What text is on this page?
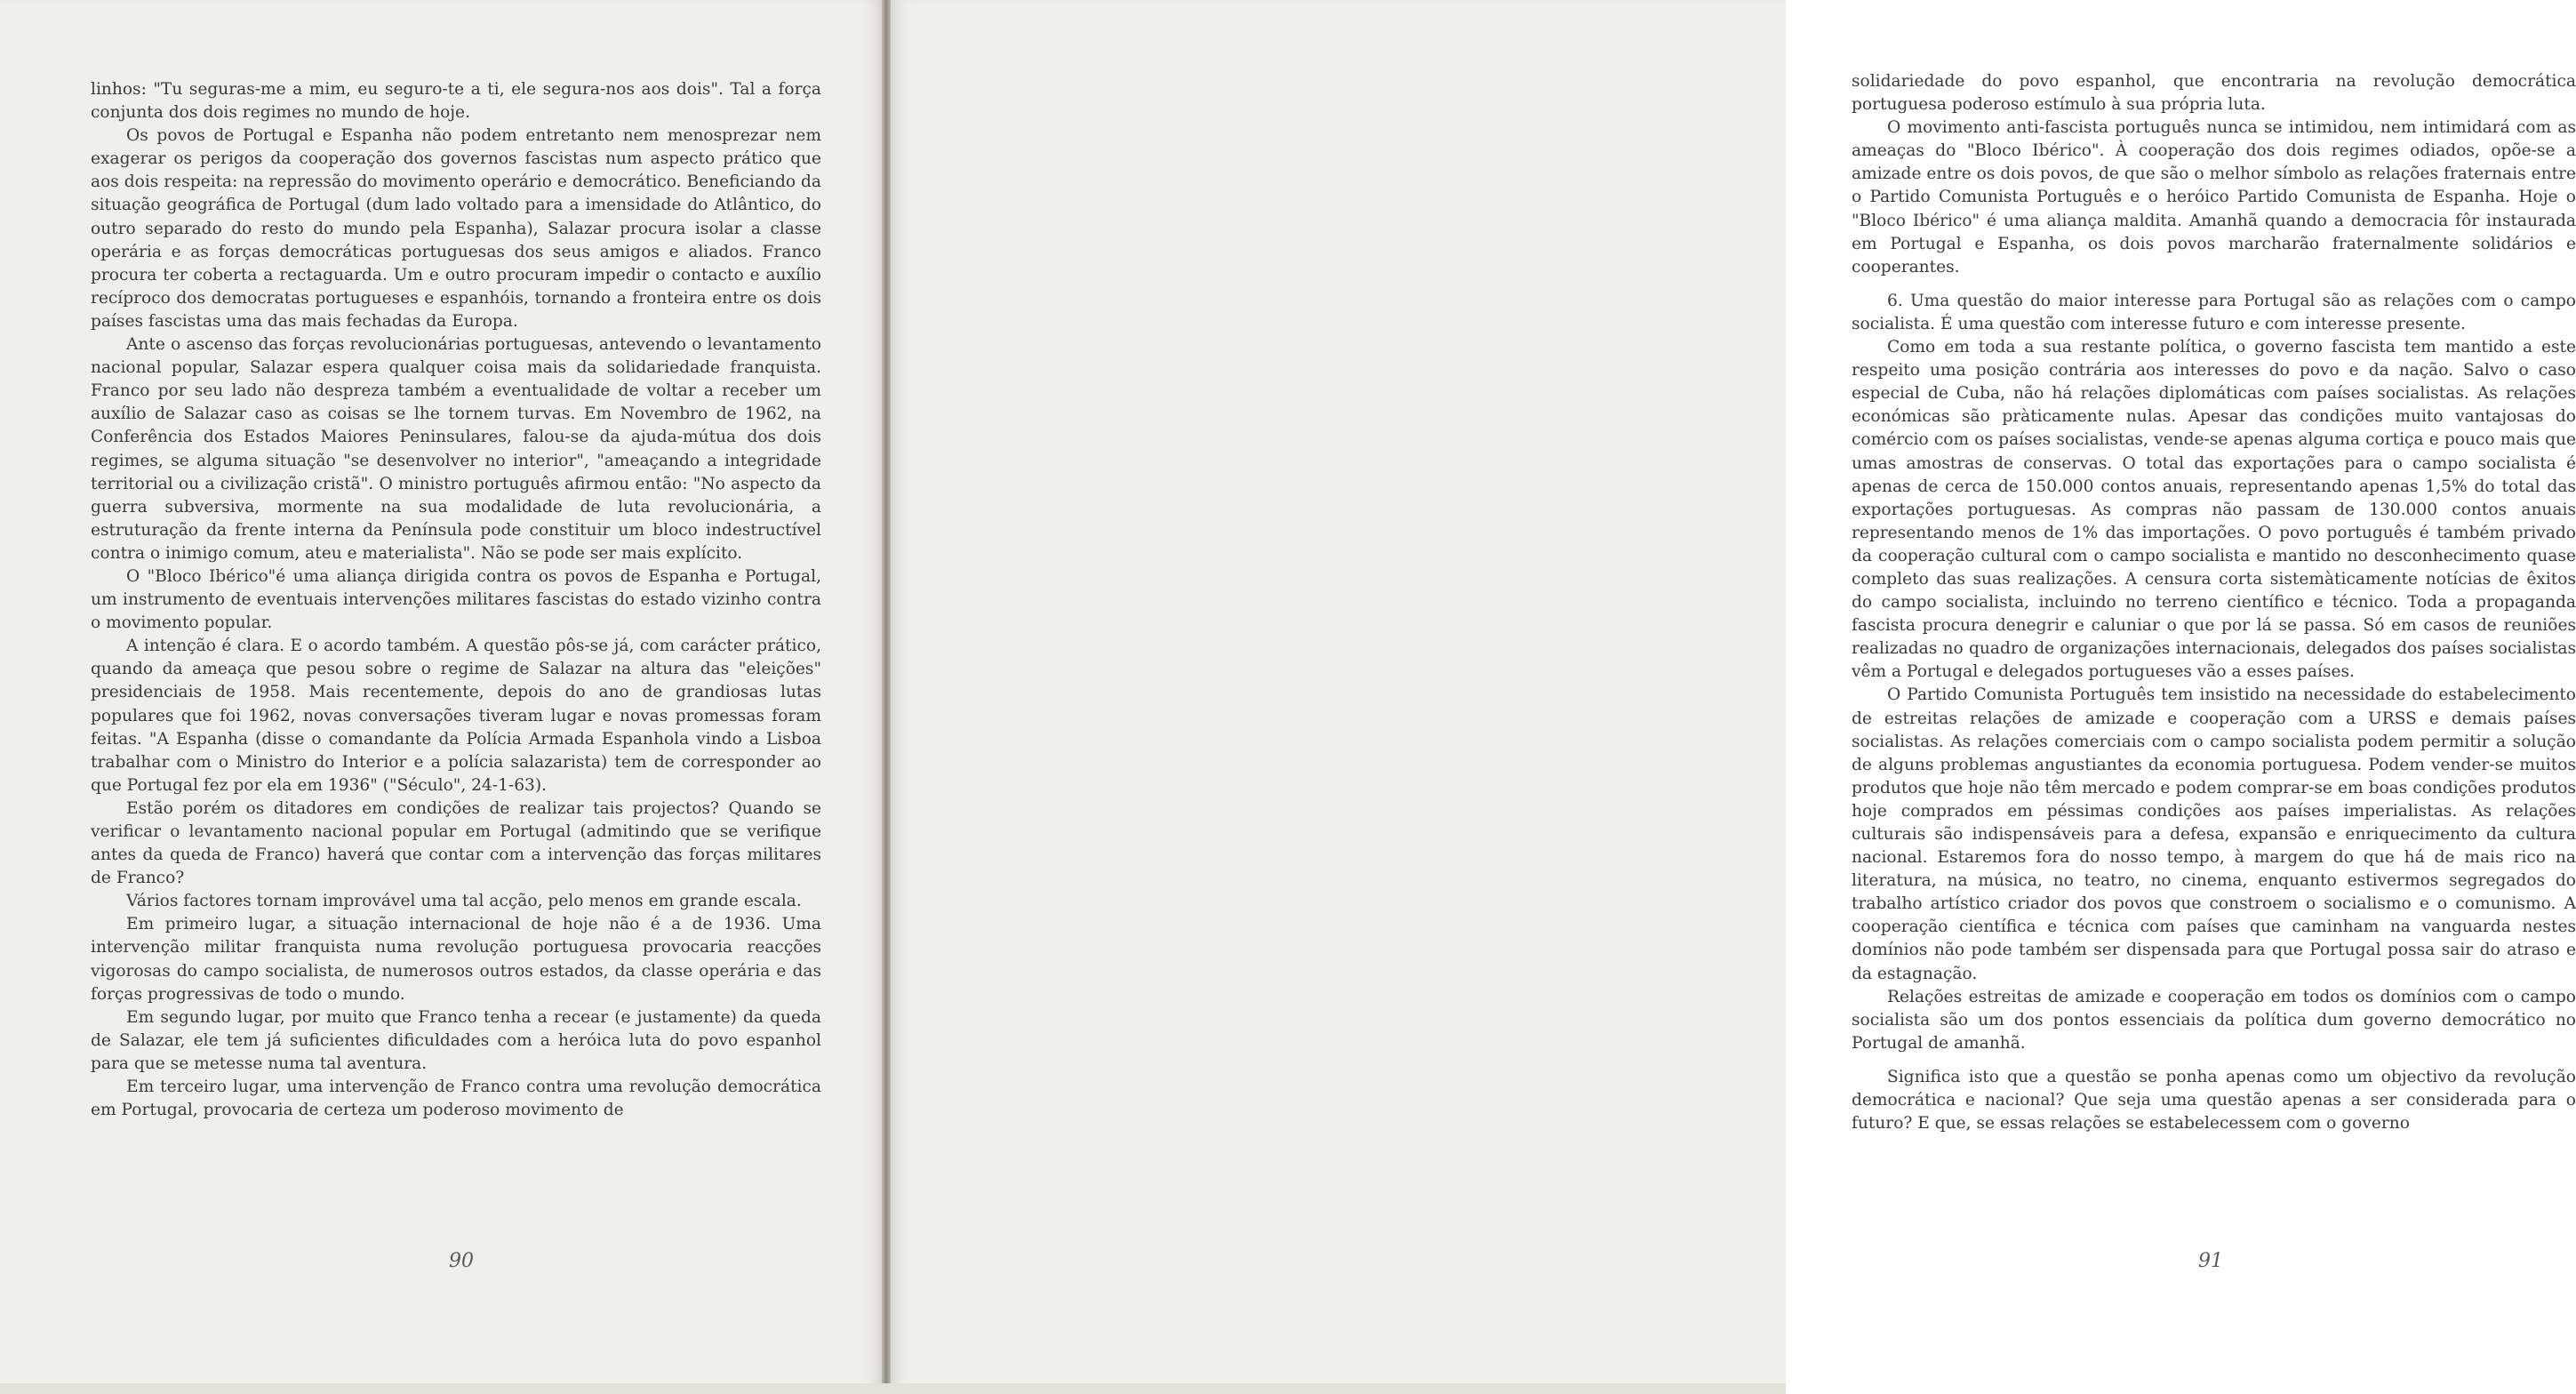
linhos: "Tu seguras-me a mim, eu seguro-te a ti, ele segura-nos aos dois". Tal a força conjunta dos dois regimes no mundo de hoje.

Os povos de Portugal e Espanha não podem entretanto nem menosprezar nem exagerar os perigos da cooperação dos governos fascistas num aspecto prático que aos dois respeita: na repressão do movimento operário e democrático. Beneficiando da situação geográfica de Portugal (dum lado voltado para a imensidade do Atlântico, do outro separado do resto do mundo pela Espanha), Salazar procura isolar a classe operária e as forças democráticas portuguesas dos seus amigos e aliados. Franco procura ter coberta a rectaguarda. Um e outro procuram impedir o contacto e auxílio recíproco dos democratas portugueses e espanhóis, tornando a fronteira entre os dois países fascistas uma das mais fechadas da Europa.

Ante o ascenso das forças revolucionárias portuguesas, antevendo o levantamento nacional popular, Salazar espera qualquer coisa mais da solidariedade franquista. Franco por seu lado não despreza também a eventualidade de voltar a receber um auxílio de Salazar caso as coisas se lhe tornem turvas. Em Novembro de 1962, na Conferência dos Estados Maiores Peninsulares, falou-se da ajuda-mútua dos dois regimes, se alguma situação "se desenvolver no interior", "ameaçando a integridade territorial ou a civilização cristã". O ministro português afirmou então: "No aspecto da guerra subversiva, mormente na sua modalidade de luta revolucionária, a estruturação da frente interna da Península pode constituir um bloco indestructível contra o inimigo comum, ateu e materialista". Não se pode ser mais explícito.

O "Bloco Ibérico"é uma aliança dirigida contra os povos de Espanha e Portugal, um instrumento de eventuais intervenções militares fascistas do estado vizinho contra o movimento popular.

A intenção é clara. E o acordo também. A questão pôs-se já, com carácter prático, quando da ameaça que pesou sobre o regime de Salazar na altura das "eleições" presidenciais de 1958. Mais recentemente, depois do ano de grandiosas lutas populares que foi 1962, novas conversações tiveram lugar e novas promessas foram feitas. "A Espanha (disse o comandante da Polícia Armada Espanhola vindo a Lisboa trabalhar com o Ministro do Interior e a polícia salazarista) tem de corresponder ao que Portugal fez por ela em 1936" ("Século", 24-1-63).

Estão porém os ditadores em condições de realizar tais projectos? Quando se verificar o levantamento nacional popular em Portugal (admitindo que se verifique antes da queda de Franco) haverá que contar com a intervenção das forças militares de Franco?

Vários factores tornam improvável uma tal acção, pelo menos em grande escala.

Em primeiro lugar, a situação internacional de hoje não é a de 1936. Uma intervenção militar franquista numa revolução portuguesa provocaria reacções vigorosas do campo socialista, de numerosos outros estados, da classe operária e das forças progressivas de todo o mundo.

Em segundo lugar, por muito que Franco tenha a recear (e justamente) da queda de Salazar, ele tem já suficientes dificuldades com a heróica luta do povo espanhol para que se metesse numa tal aventura.

Em terceiro lugar, uma intervenção de Franco contra uma revolução democrática em Portugal, provocaria de certeza um poderoso movimento de

90

solidariedade do povo espanhol, que encontraria na revolução democrática portuguesa poderoso estímulo à sua própria luta.

O movimento anti-fascista português nunca se intimidou, nem intimidará com as ameaças do "Bloco Ibérico". À cooperação dos dois regimes odiados, opõe-se a amizade entre os dois povos, de que são o melhor símbolo as relações fraternais entre o Partido Comunista Português e o heróico Partido Comunista de Espanha. Hoje o "Bloco Ibérico" é uma aliança maldita. Amanhã quando a democracia fôr instaurada em Portugal e Espanha, os dois povos marcharão fraternalmente solidários e cooperantes.

6. Uma questão do maior interesse para Portugal são as relações com o campo socialista. É uma questão com interesse futuro e com interesse presente.

Como em toda a sua restante política, o governo fascista tem mantido a este respeito uma posição contrária aos interesses do povo e da nação. Salvo o caso especial de Cuba, não há relações diplomáticas com países socialistas. As relações económicas são pràticamente nulas. Apesar das condições muito vantajosas do comércio com os países socialistas, vende-se apenas alguma cortiça e pouco mais que umas amostras de conservas. O total das exportações para o campo socialista é apenas de cerca de 150.000 contos anuais, representando apenas 1,5% do total das exportações portuguesas. As compras não passam de 130.000 contos anuais representando menos de 1% das importações. O povo português é também privado da cooperação cultural com o campo socialista e mantido no desconhecimento quase completo das suas realizações. A censura corta sistemàticamente notícias de êxitos do campo socialista, incluindo no terreno científico e técnico. Toda a propaganda fascista procura denegrir e caluniar o que por lá se passa. Só em casos de reuniões realizadas no quadro de organizações internacionais, delegados dos países socialistas vêm a Portugal e delegados portugueses vão a esses países.

O Partido Comunista Português tem insistido na necessidade do estabelecimento de estreitas relações de amizade e cooperação com a URSS e demais países socialistas. As relações comerciais com o campo socialista podem permitir a solução de alguns problemas angustiantes da economia portuguesa. Podem vender-se muitos produtos que hoje não têm mercado e podem comprar-se em boas condições produtos hoje comprados em péssimas condições aos países imperialistas. As relações culturais são indispensáveis para a defesa, expansão e enriquecimento da cultura nacional. Estaremos fora do nosso tempo, à margem do que há de mais rico na literatura, na música, no teatro, no cinema, enquanto estivermos segregados do trabalho artístico criador dos povos que constroem o socialismo e o comunismo. A cooperação científica e técnica com países que caminham na vanguarda nestes domínios não pode também ser dispensada para que Portugal possa sair do atraso e da estagnação.

Relações estreitas de amizade e cooperação em todos os domínios com o campo socialista são um dos pontos essenciais da política dum governo democrático no Portugal de amanhã.

Significa isto que a questão se ponha apenas como um objectivo da revolução democrática e nacional? Que seja uma questão apenas a ser considerada para o futuro? E que, se essas relações se estabelecessem com o governo

91
